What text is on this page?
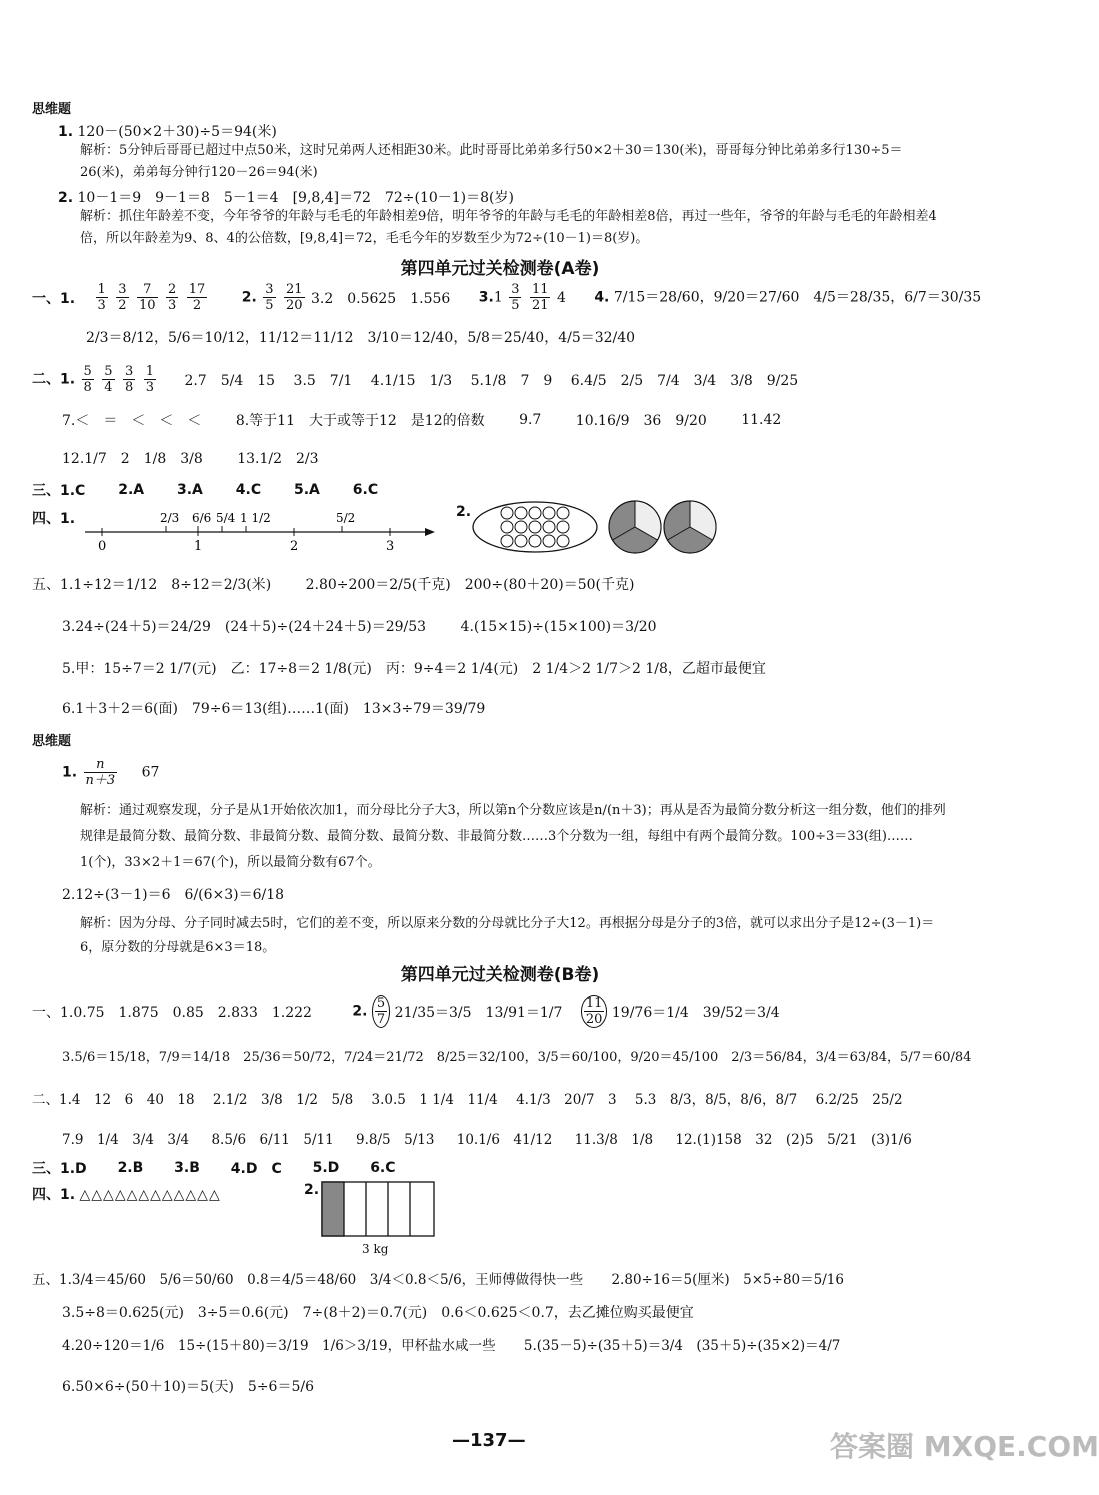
思维题
1. 120－(50×2＋30)÷5＝94(米)
解析：5分钟后哥哥已超过中点50米，这时兄弟两人还相距30米。此时哥哥比弟弟多行50×2＋30＝130(米)，哥哥每分钟比弟弟多行130÷5＝26(米)，弟弟每分钟行120－26＝94(米)
2. 10－1＝9　9－1＝8　5－1＝4　[9,8,4]＝72　72÷(10－1)＝8(岁)
解析：抓住年龄差不变，今年爷爷的年龄与毛毛的年龄相差9倍，明年爷爷的年龄与毛毛的年龄相差8倍，再过一些年，爷爷的年龄与毛毛的年龄相差4倍，所以年龄差为9、8、4的公倍数，[9,8,4]＝72，毛毛今年的岁数至少为72÷(10－1)＝8(岁)。
第四单元过关检测卷(A卷)
一、1. $\frac{1}{3}$
$\frac{3}{2}$
$\frac{7}{10}$
$\frac{2}{3}$
$\frac{17}{2} 2$. $\frac{3}{5}$
$\frac{21}{20} 3.2$　0.5625　1.556 $3.1 \frac{3}{5}$
$\frac{11}{21} 4$ 4. 7/15＝28/60，9/20＝27/60　4/5＝28/35，6/7＝30/35
2/3＝8/12，5/6＝10/12，11/12＝11/12　3/10＝12/40，5/8＝25/40，4/5＝32/40
二、1. $\frac{5}{8}$
$\frac{5}{4}$
$\frac{3}{8}$
$\frac{1}{3} 2.7$　5/4　15 3.5　7/1 4.1/15　1/3 5.1/8　7　9 6.4/5　2/5　7/4　3/4　3/8　9/25
7.＜　＝　＜　＜　＜ 8.等于11　大于或等于12　是12的倍数 9.7 10.16/9　36　9/20 11.42
12.1/7　2　1/8　3/8 13.1/2　2/3
三、1.C 2.A 3.A 4.C 5.A 6.C
四、1.
0	1	2	3
2/3 6/6 5/4 1 1/2	5/2	2.
五、1.1÷12＝1/12　8÷12＝2/3(米) 2.80÷200＝2/5(千克)　200÷(80＋20)＝50(千克)
3.24÷(24＋5)＝24/29　(24＋5)÷(24＋24＋5)＝29/53 4.(15×15)÷(15×100)＝3/20
5.甲：15÷7＝2 1/7(元)　乙：17÷8＝2 1/8(元)　丙：9÷4＝2 1/4(元)　2 1/4＞2 1/7＞2 1/8，乙超市最便宜
6.1＋3＋2＝6(面)　79÷6＝13(组)……1(面)　13×3÷79＝39/79
思维题
1. $\frac{n}{n+3} 67$
解析：通过观察发现，分子是从1开始依次加1，而分母比分子大3，所以第n个分数应该是n/(n＋3)；再从是否为最简分数分析这一组分数，他们的排列规律是最简分数、最简分数、非最简分数、最简分数、最简分数、非最简分数……3个分数为一组，每组中有两个最简分数。100÷3＝33(组)……1(个)，33×2＋1＝67(个)，所以最简分数有67个。
2.12÷(3－1)＝6　6/(6×3)＝6/18
解析：因为分母、分子同时减去5时，它们的差不变，所以原来分数的分母就比分子大12。再根据分母是分子的3倍，就可以求出分子是12÷(3－1)＝6，原分数的分母就是6×3＝18。
第四单元过关检测卷(B卷)
一、1.0.75　1.875　0.85　2.833　1.222	2. $\frac{5}{7} 21/35=3/5$　$13/91=1/7 \frac{11}{20} 19/76=1/4$　39/52＝3/4
3.5/6＝15/18，7/9＝14/18　25/36＝50/72，7/24＝21/72　8/25＝32/100，3/5＝60/100，9/20＝45/100　2/3＝56/84，3/4＝63/84，5/7＝60/84
二、1.4　12　6　40　18 2.1/2　3/8　1/2　5/8 3.0.5　1 1/4　11/4 4.1/3　20/7　3 5.3　8/3，8/5，8/6，8/7 6.2/25　25/2
7.9　1/4　3/4　3/4 8.5/6　6/11　5/11 9.8/5　5/13 10.1/6　41/12 11.3/8　1/8 12.(1)158　32　(2)5　5/21　(3)1/6
三、1.D 2.B 3.B 4.D　C 5.D 6.C
四、1. △△△△△△△△△△△△	2.
3 kg
五、1.3/4＝45/60　5/6＝50/60　0.8＝4/5＝48/60　3/4＜0.8＜5/6，王师傅做得快一些 2.80÷16＝5(厘米)　5×5÷80＝5/16
3.5÷8＝0.625(元)　3÷5＝0.6(元)　7÷(8＋2)＝0.7(元)　0.6＜0.625＜0.7，去乙摊位购买最便宜
4.20÷120＝1/6　15÷(15＋80)＝3/19　1/6＞3/19，甲杯盐水咸一些 5.(35－5)÷(35＋5)＝3/4　(35＋5)÷(35×2)＝4/7
6.50×6÷(50＋10)＝5(天)　5÷6＝5/6
—137—	答案圈 MXQE.COM
